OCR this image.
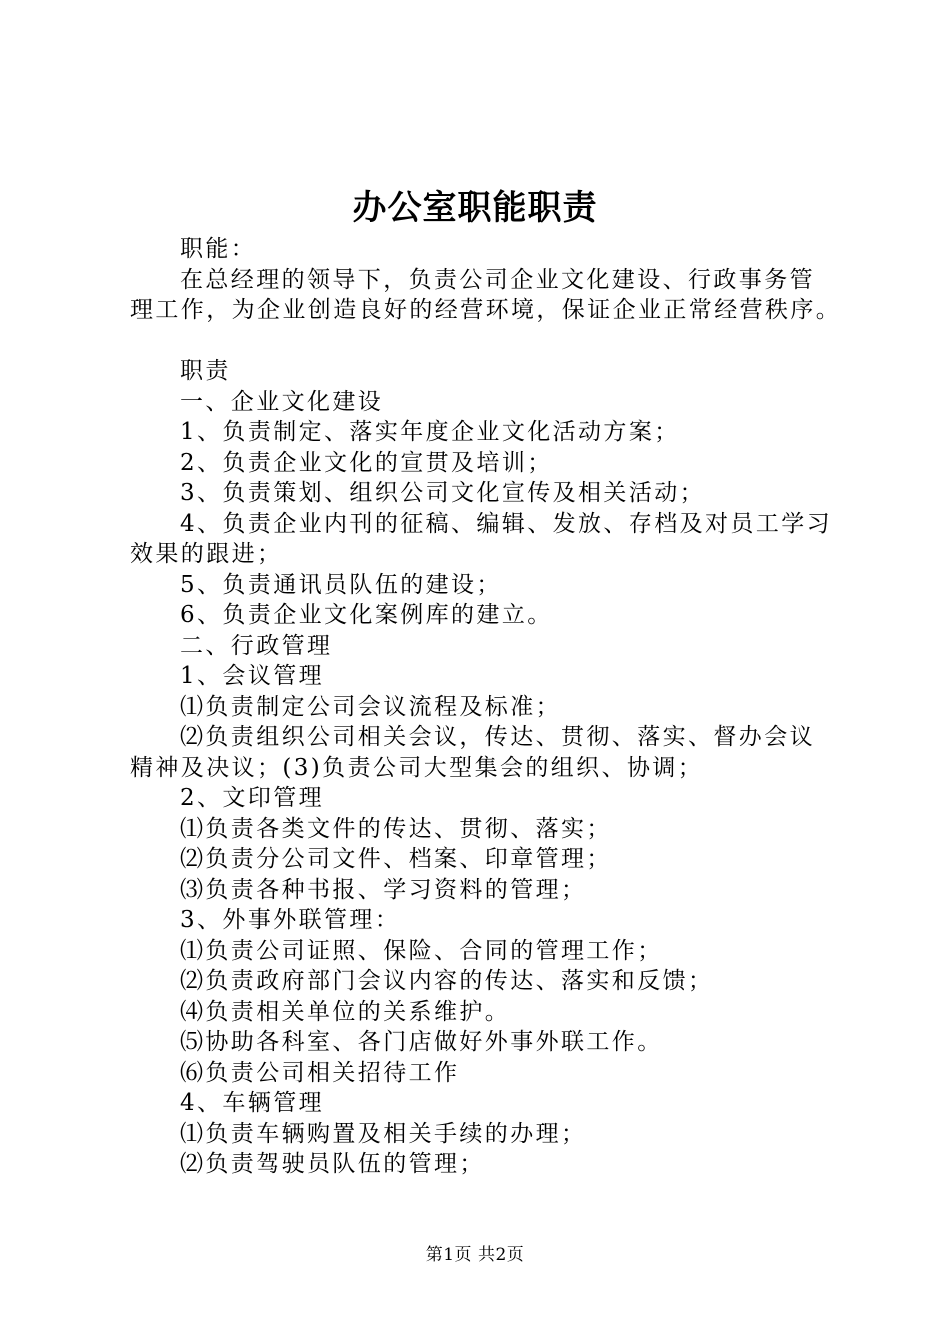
办公室职能职责
职能：
在总经理的领导下，负责公司企业文化建设、行政事务管
理工作，为企业创造良好的经营环境，保证企业正常经营秩序。
职责
一、企业文化建设
1、负责制定、落实年度企业文化活动方案；
2、负责企业文化的宣贯及培训；
3、负责策划、组织公司文化宣传及相关活动；
4、负责企业内刊的征稿、编辑、发放、存档及对员工学习
效果的跟进；
5、负责通讯员队伍的建设；
6、负责企业文化案例库的建立。
二、行政管理
1、会议管理
⑴负责制定公司会议流程及标准；
⑵负责组织公司相关会议，传达、贯彻、落实、督办会议
精神及决议；(3)负责公司大型集会的组织、协调；
2、文印管理
⑴负责各类文件的传达、贯彻、落实；
⑵负责分公司文件、档案、印章管理；
⑶负责各种书报、学习资料的管理；
3、外事外联管理：
⑴负责公司证照、保险、合同的管理工作；
⑵负责政府部门会议内容的传达、落实和反馈；
⑷负责相关单位的关系维护。
⑸协助各科室、各门店做好外事外联工作。
⑹负责公司相关招待工作
4、车辆管理
⑴负责车辆购置及相关手续的办理；
⑵负责驾驶员队伍的管理；
第1页 共2页
